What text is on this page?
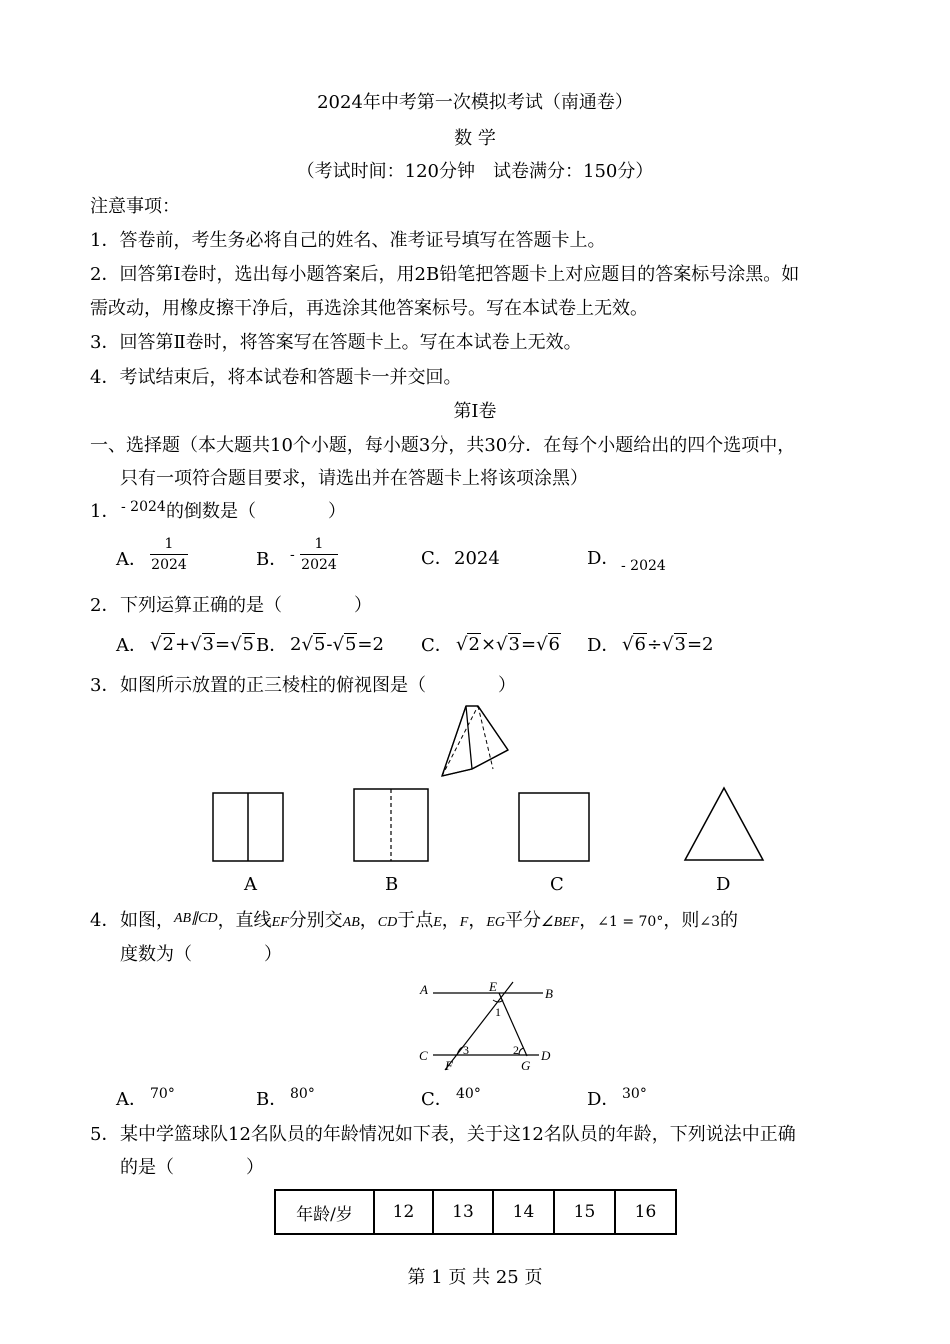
2024年中考第一次模拟考试（南通卷）
数 学
（考试时间：120分钟　试卷满分：150分）
注意事项：
1．答卷前，考生务必将自己的姓名、准考证号填写在答题卡上。
2．回答第Ⅰ卷时，选出每小题答案后，用2B铅笔把答题卡上对应题目的答案标号涂黑。如
需改动，用橡皮擦干净后，再选涂其他答案标号。写在本试卷上无效。
3．回答第Ⅱ卷时，将答案写在答题卡上。写在本试卷上无效。
4．考试结束后，将本试卷和答题卡一并交回。
第Ⅰ卷
一、选择题（本大题共10个小题，每小题3分，共30分．在每个小题给出的四个选项中，
只有一项符合题目要求，请选出并在答题卡上将该项涂黑）
1． - 2024 的倒数是（　　　　）
A． $\frac{1}{2024}$	B． - $\frac{1}{2024}$	C． 2024	D． - 2024
2． 下列运算正确的是（　　　　）
A． √2+√3=√5 B． 2√5-√5=2 C． √2×√3=√6 D． √6÷√3=2
3． 如图所示放置的正三棱柱的俯视图是（　　　　）
A	B	C	D
4． 如图，$^{AB\parallel CD}$，直线EF分别交AB，CD于点E，F，EG平分∠BEF，∠1 = 70°，则∠3的
度数为（　　　　）
A	E	B
1
C	3	2 D
F	G
A． 70°	B． 80°	C． 40°	D． 30°
5． 某中学篮球队12名队员的年龄情况如下表，关于这12名队员的年龄，下列说法中正确
的是（　　　　）
年龄/岁	12	13	14	15	16
第 1 页 共 25 页
